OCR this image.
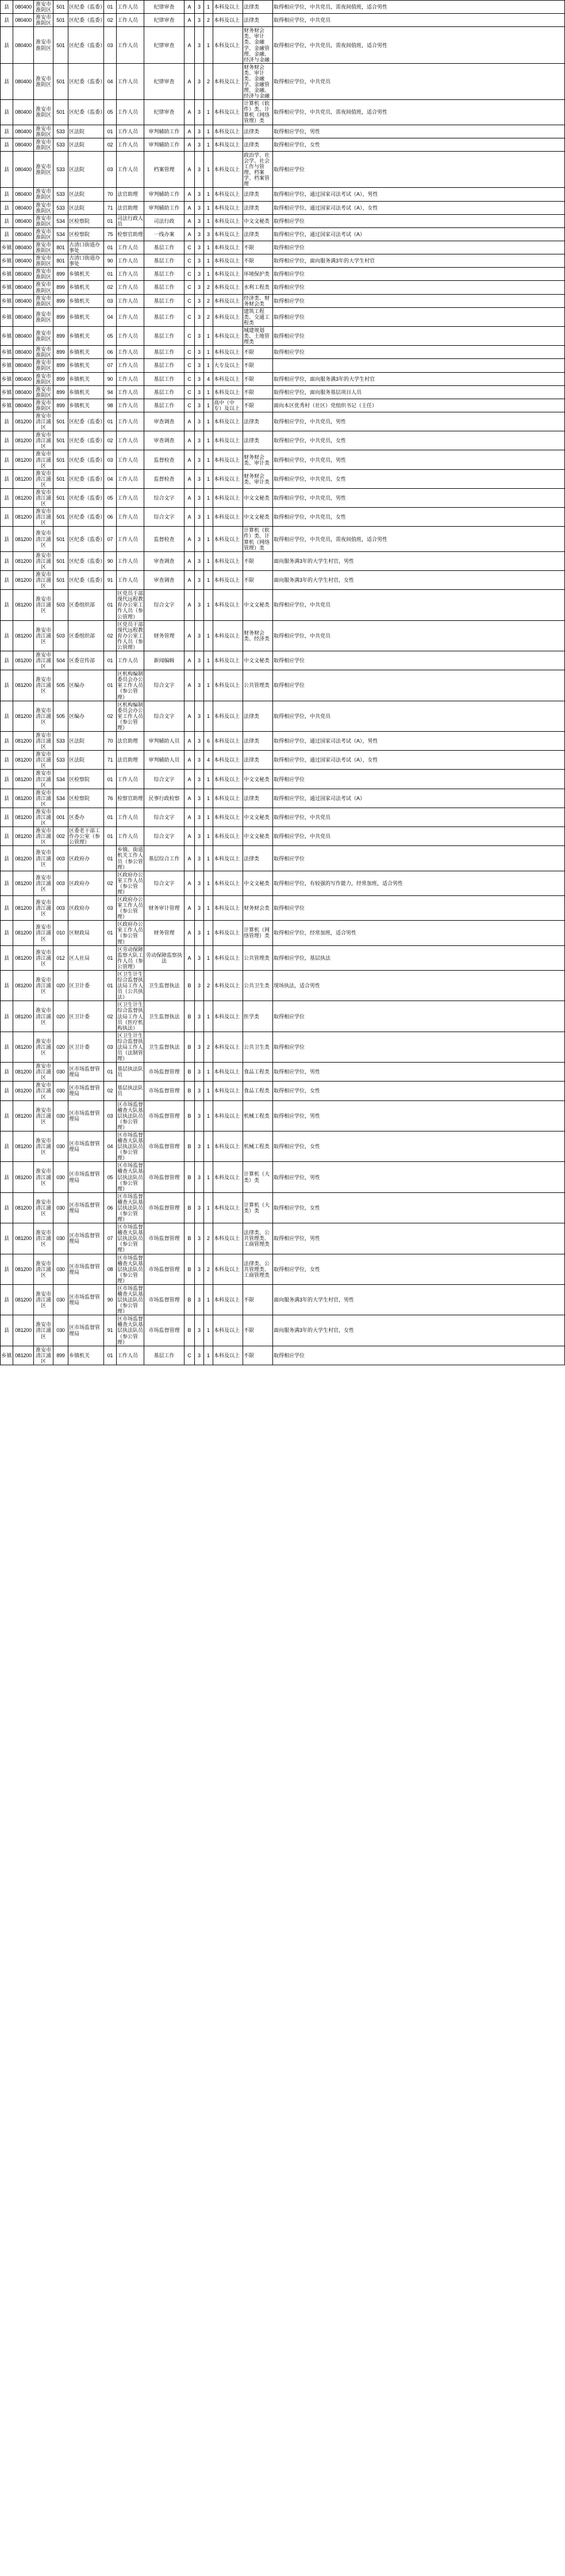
县	080400	淮安市淮阴区	501	区纪委（监委）	01	工作人员	纪律审查	A	3	1	本科及以上	法律类	取得相应学位，中共党员，需夜间值班，适合男性
县	080400	淮安市淮阴区	501	区纪委（监委）	02	工作人员	纪律审查	A	3	2	本科及以上	法律类	取得相应学位，中共党员
县	080400	淮安市淮阴区	501	区纪委（监委）	03	工作人员	纪律审查	A	3	1	本科及以上	财务财会类、审计类、金融学、金融管理、金融、经济与金融	取得相应学位，中共党员，需夜间值班，适合男性
县	080400	淮安市淮阴区	501	区纪委（监委）	04	工作人员	纪律审查	A	3	2	本科及以上	财务财会类、审计类、金融学、金融管理、金融、经济与金融	取得相应学位，中共党员
县	080400	淮安市淮阴区	501	区纪委（监委）	05	工作人员	纪律审查	A	3	1	本科及以上	计算机（软件）类、计算机（网络管理）类	取得相应学位，中共党员，需夜间值班，适合男性
县	080400	淮安市淮阴区	533	区法院	01	工作人员	审判辅助工作	A	3	1	本科及以上	法律类	取得相应学位，男性
县	080400	淮安市淮阴区	533	区法院	02	工作人员	审判辅助工作	A	3	1	本科及以上	法律类	取得相应学位，女性
县	080400	淮安市淮阴区	533	区法院	03	工作人员	档案管理	A	3	1	本科及以上	政治学、社会学、社会工作与管理、档案学、档案管理	取得相应学位
县	080400	淮安市淮阴区	533	区法院	70	法官助理	审判辅助工作	A	3	1	本科及以上	法律类	取得相应学位，通过国家司法考试（A），男性
县	080400	淮安市淮阴区	533	区法院	71	法官助理	审判辅助工作	A	3	1	本科及以上	法律类	取得相应学位，通过国家司法考试（A），女性
县	080400	淮安市淮阴区	534	区检察院	01	司法行政人员	司法行政	A	3	1	本科及以上	中文文秘类	取得相应学位
县	080400	淮安市淮阴区	534	区检察院	75	检察官助理	一线办案	A	3	3	本科及以上	法律类	取得相应学位，通过国家司法考试（A）
乡镇	080400	淮安市淮阴区	801	古清口街道办事处	01	工作人员	基层工作	C	3	1	本科及以上	不限	取得相应学位
乡镇	080400	淮安市淮阴区	801	古清口街道办事处	90	工作人员	基层工作	C	3	1	本科及以上	不限	取得相应学位，面向服务满3年的大学生村官
乡镇	080400	淮安市淮阴区	899	乡镇机关	01	工作人员	基层工作	C	3	1	本科及以上	环境保护类	取得相应学位
乡镇	080400	淮安市淮阴区	899	乡镇机关	02	工作人员	基层工作	C	3	2	本科及以上	水利工程类	取得相应学位
乡镇	080400	淮安市淮阴区	899	乡镇机关	03	工作人员	基层工作	C	3	2	本科及以上	经济类、财务财会类	取得相应学位
乡镇	080400	淮安市淮阴区	899	乡镇机关	04	工作人员	基层工作	C	3	2	本科及以上	建筑工程类、交通工程类	取得相应学位
乡镇	080400	淮安市淮阴区	899	乡镇机关	05	工作人员	基层工作	C	3	1	本科及以上	城建规划类、土地管理类	取得相应学位
乡镇	080400	淮安市淮阴区	899	乡镇机关	06	工作人员	基层工作	C	3	1	本科及以上	不限	取得相应学位
乡镇	080400	淮安市淮阴区	899	乡镇机关	07	工作人员	基层工作	C	3	1	大专及以上	不限	
乡镇	080400	淮安市淮阴区	899	乡镇机关	90	工作人员	基层工作	C	3	4	本科及以上	不限	取得相应学位，面向服务满3年的大学生村官
乡镇	080400	淮安市淮阴区	899	乡镇机关	94	工作人员	基层工作	C	3	1	本科及以上	不限	取得相应学位，面向服务基层项目人员
乡镇	080400	淮安市淮阴区	899	乡镇机关	98	工作人员	基层工作	C	3	1	高中（中专）及以上	不限	面向本区优秀村（社区）党组织书记（主任）
县	081200	淮安市清江浦区	501	区纪委（监委）	01	工作人员	审查调查	A	3	1	本科及以上	法律类	取得相应学位，中共党员，男性
县	081200	淮安市清江浦区	501	区纪委（监委）	02	工作人员	审查调查	A	3	1	本科及以上	法律类	取得相应学位，中共党员，女性
县	081200	淮安市清江浦区	501	区纪委（监委）	03	工作人员	监督检查	A	3	1	本科及以上	财务财会类、审计类	取得相应学位，中共党员，男性
县	081200	淮安市清江浦区	501	区纪委（监委）	04	工作人员	监督检查	A	3	1	本科及以上	财务财会类、审计类	取得相应学位，中共党员，女性
县	081200	淮安市清江浦区	501	区纪委（监委）	05	工作人员	综合文字	A	3	1	本科及以上	中文文秘类	取得相应学位，中共党员，男性
县	081200	淮安市清江浦区	501	区纪委（监委）	06	工作人员	综合文字	A	3	1	本科及以上	中文文秘类	取得相应学位，中共党员，女性
县	081200	淮安市清江浦区	501	区纪委（监委）	07	工作人员	监督检查	A	3	1	本科及以上	计算机（软件）类、计算机（网络管理）类	取得相应学位，中共党员，需夜间值班，适合男性
县	081200	淮安市清江浦区	501	区纪委（监委）	90	工作人员	审查调查	A	3	1	本科及以上	不限	面向服务满3年的大学生村官，男性
县	081200	淮安市清江浦区	501	区纪委（监委）	91	工作人员	审查调查	A	3	1	本科及以上	不限	面向服务满3年的大学生村官，女性
县	081200	淮安市清江浦区	503	区委组织部	01	区党员干部现代远程教育办公室工作人员（参公管理）	综合文字	A	3	1	本科及以上	中文文秘类	取得相应学位，中共党员
县	081200	淮安市清江浦区	503	区委组织部	02	区党员干部现代远程教育办公室工作人员（参公管理）	财务管理	A	3	1	本科及以上	财务财会类、经济类	取得相应学位，中共党员
县	081200	淮安市清江浦区	504	区委宣传部	01	工作人员	新闻编辑	A	3	1	本科及以上	中文文秘类	取得相应学位
县	081200	淮安市清江浦区	505	区编办	01	区机构编制委员会办公室工作人员（参公管理）	综合文字	A	3	1	本科及以上	公共管理类	取得相应学位
县	081200	淮安市清江浦区	505	区编办	02	区机构编制委员会办公室工作人员（参公管理）	综合文字	A	3	1	本科及以上	法律类	取得相应学位，中共党员
县	081200	淮安市清江浦区	533	区法院	70	法官助理	审判辅助人员	A	3	6	本科及以上	法律类	取得相应学位，通过国家司法考试（A），男性
县	081200	淮安市清江浦区	533	区法院	71	法官助理	审判辅助人员	A	3	4	本科及以上	法律类	取得相应学位，通过国家司法考试（A），女性
县	081200	淮安市清江浦区	534	区检察院	01	工作人员	综合文字	A	3	1	本科及以上	中文文秘类	取得相应学位
县	081200	淮安市清江浦区	534	区检察院	76	检察官助理	民事行政检察	A	3	1	本科及以上	法律类	取得相应学位，通过国家司法考试（A）
县	081200	淮安市清江浦区	001	区委办	01	工作人员	综合文字	A	3	1	本科及以上	中文文秘类	取得相应学位，中共党员
县	081200	淮安市清江浦区	002	区委老干部工作办公室（参公管理）	01	工作人员	综合文字	A	3	1	本科及以上	中文文秘类	取得相应学位，中共党员
县	081200	淮安市清江浦区	003	区政府办	01	乡镇、街道机关工作人员（参公管理）	基层综合工作	A	3	1	本科及以上	法律类	取得相应学位
县	081200	淮安市清江浦区	003	区政府办	02	区政府办公室工作人员（参公管理）	综合文字	A	3	1	本科及以上	中文文秘类	取得相应学位，有较强的写作能力，经常加班，适合男性
县	081200	淮安市清江浦区	003	区政府办	03	区政府办公室工作人员（参公管理）	财务审计管理	A	3	1	本科及以上	财务财会类	取得相应学位
县	081200	淮安市清江浦区	010	区财政局	01	区政府办公室工作人员（参公管理）	财务管理	A	3	1	本科及以上	计算机（网络管理）类	取得相应学位，经常加班，适合男性
县	081200	淮安市清江浦区	012	区人社局	01	区劳动保障监察大队工作人员（参公管理）	劳动保障监察执法	A	3	1	本科及以上	公共管理类	取得相应学位，基层执法
县	081200	淮安市清江浦区	020	区卫计委	01	区卫生计生综合监督执法局工作人员（公共执法）	卫生监督执法	B	3	2	本科及以上	公共卫生类	现场执法，适合男性
县	081200	淮安市清江浦区	020	区卫计委	02	区卫生计生综合监督执法局工作人员（医疗机构执法）	卫生监督执法	B	3	1	本科及以上	医学类	取得相应学位
县	081200	淮安市清江浦区	020	区卫计委	03	区卫生计生综合监督执法局工作人员（法制管理）	卫生监督执法	B	3	2	本科及以上	公共卫生类	取得相应学位
县	081200	淮安市清江浦区	030	区市场监督管理局	01	基层执法队员	市场监督管理	B	3	1	本科及以上	食品工程类	取得相应学位，男性
县	081200	淮安市清江浦区	030	区市场监督管理局	02	基层执法队员	市场监督管理	B	3	1	本科及以上	食品工程类	取得相应学位，女性
县	081200	淮安市清江浦区	030	区市场监督管理局	03	区市场监督稽查大队基层执法队员（参公管理）	市场监督管理	B	3	1	本科及以上	机械工程类	取得相应学位，男性
县	081200	淮安市清江浦区	030	区市场监督管理局	04	区市场监督稽查大队基层执法队员（参公管理）	市场监督管理	B	3	1	本科及以上	机械工程类	取得相应学位，女性
县	081200	淮安市清江浦区	030	区市场监督管理局	05	区市场监督稽查大队基层执法队员（参公管理）	市场监督管理	B	3	1	本科及以上	计算机（大类）类	取得相应学位，男性
县	081200	淮安市清江浦区	030	区市场监督管理局	06	区市场监督稽查大队基层执法队员（参公管理）	市场监督管理	B	3	1	本科及以上	计算机（大类）类	取得相应学位，女性
县	081200	淮安市清江浦区	030	区市场监督管理局	07	区市场监督稽查大队基层执法队员（参公管理）	市场监督管理	B	3	2	本科及以上	法律类、公共管理类、工商管理类	取得相应学位，男性
县	081200	淮安市清江浦区	030	区市场监督管理局	08	区市场监督稽查大队基层执法队员（参公管理）	市场监督管理	B	3	2	本科及以上	法律类、公共管理类、工商管理类	取得相应学位，女性
县	081200	淮安市清江浦区	030	区市场监督管理局	90	区市场监督稽查大队基层执法队员（参公管理）	市场监督管理	B	3	1	本科及以上	不限	面向服务满3年的大学生村官，男性
县	081200	淮安市清江浦区	030	区市场监督管理局	91	区市场监督稽查大队基层执法队员（参公管理）	市场监督管理	B	3	1	本科及以上	不限	面向服务满3年的大学生村官，女性
乡镇	081200	淮安市清江浦区	899	乡镇机关	01	工作人员	基层工作	C	3	1	本科及以上	不限	取得相应学位
